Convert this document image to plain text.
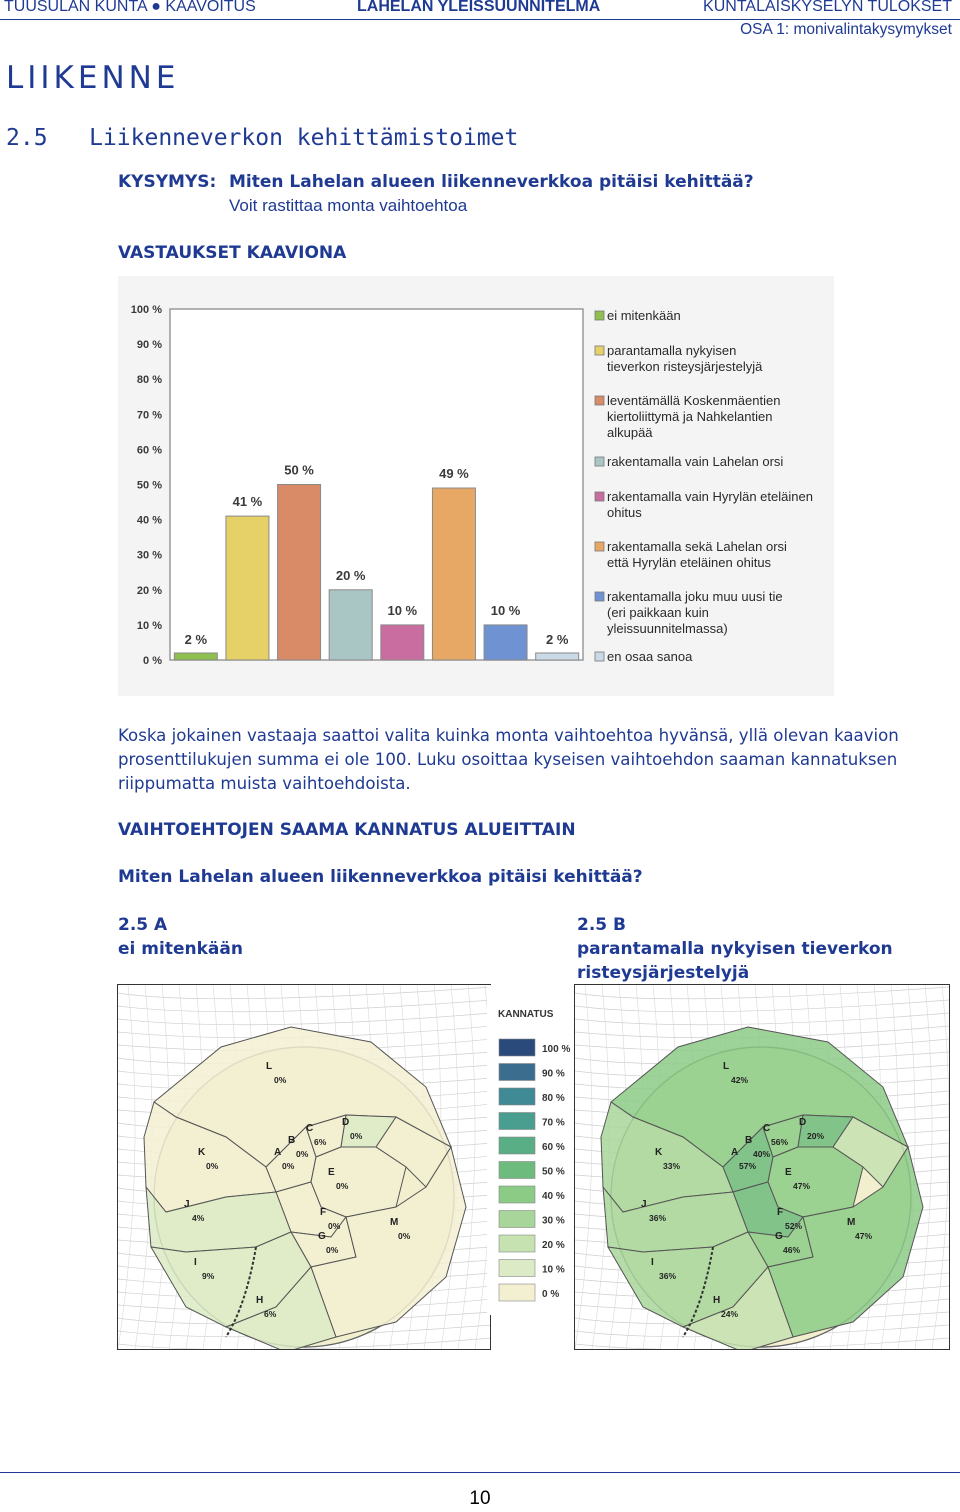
TUUSULAN KUNTA ● KAAVOITUS	LAHELAN YLEISSUUNNITELMA	KUNTALAISKYSELYN TULOKSET
OSA 1: monivalintakysymykset
LIIKENNE
2.5   Liikenneverkon kehittämistoimet
KYSYMYS: Miten Lahelan alueen liikenneverkkoa pitäisi kehittää?
Voit rastittaa monta vaihtoehtoa
VASTAUKSET KAAVIONA
0 %
10 %
20 %
30 %
40 %
50 %
60 %
70 %
80 %
90 %
100 %
2 %
41 %
50 %
20 %
10 %
49 %
10 %
2 %
ei mitenkään
parantamalla nykyisen
tieverkon risteysjärjestelyjä
leventämällä Koskenmäentien
kiertoliittymä ja Nahkelantien
alkupää
rakentamalla vain Lahelan orsi
rakentamalla vain Hyrylän eteläinen
ohitus
rakentamalla sekä Lahelan orsi
että Hyrylän eteläinen ohitus
rakentamalla joku muu uusi tie
(eri paikkaan kuin
yleissuunnitelmassa)
en osaa sanoa
Koska jokainen vastaaja saattoi valita kuinka monta vaihtoehtoa hyvänsä, yllä olevan kaavion prosenttilukujen summa ei ole 100. Luku osoittaa kyseisen vaihtoehdon saaman kannatuksen riippumatta muista vaihtoehdoista.
VAIHTOEHTOJEN SAAMA KANNATUS ALUEITTAIN
Miten Lahelan alueen liikenneverkkoa pitäisi kehittää?
2.5 A
ei mitenkään
2.5 B
parantamalla nykyisen tieverkon risteysjärjestelyjä
L
0%
K
0%
A
0%
B
0%
C
6%
D
0%
E
0%
F
0%
G
0%
J
4%	M
0%
I
9%
H
6%
L
42%
K
33%
A
57%
B
40%
C
56%
D
20%
E
47%
F
52%
G
46%
J
36%	M
47%
I
36%
H
24%
KANNATUS
100 %
90 %
80 %
70 %
60 %
50 %
40 %
30 %
20 %
10 %
0 %
10
